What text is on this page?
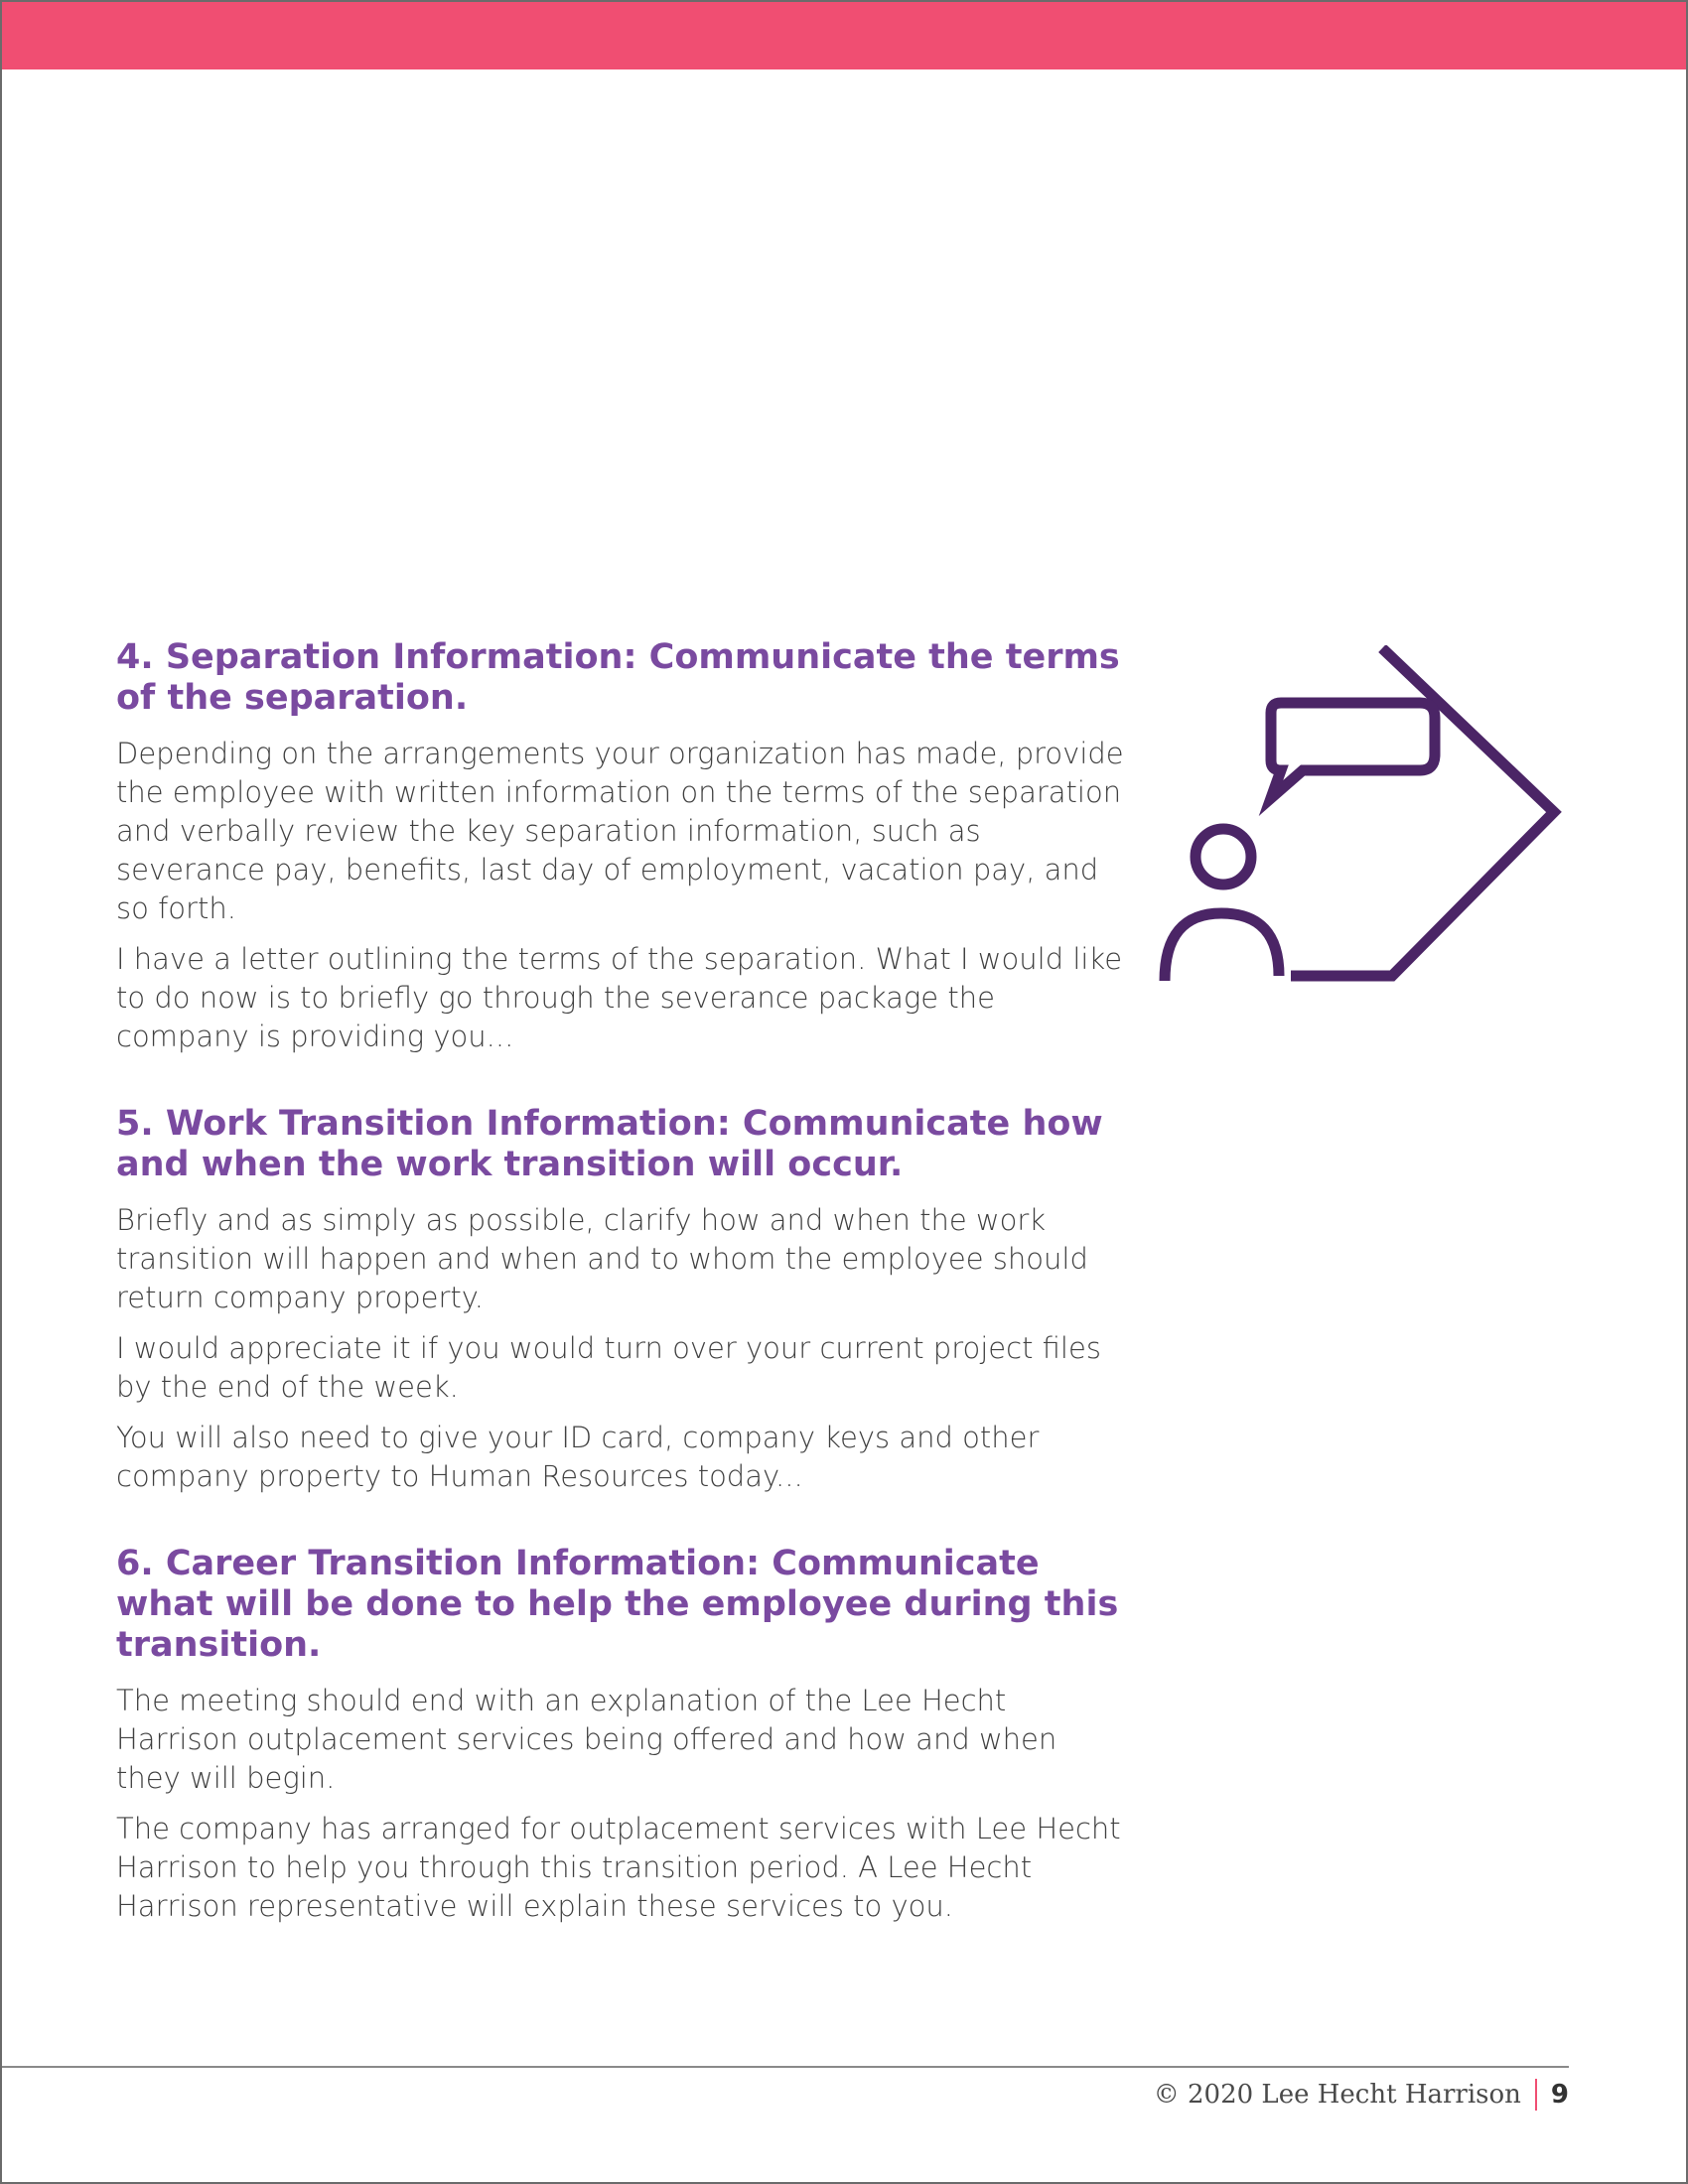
4. Separation Information: Communicate the terms of the separation.

Depending on the arrangements your organization has made, provide the employee with written information on the terms of the separation and verbally review the key separation information, such as severance pay, benefits, last day of employment, vacation pay, and so forth.

I have a letter outlining the terms of the separation. What I would like to do now is to briefly go through the severance package the company is providing you...

5. Work Transition Information: Communicate how and when the work transition will occur.

Briefly and as simply as possible, clarify how and when the work transition will happen and when and to whom the employee should return company property.

I would appreciate it if you would turn over your current project files by the end of the week.

You will also need to give your ID card, company keys and other company property to Human Resources today...

6. Career Transition Information: Communicate what will be done to help the employee during this transition.

The meeting should end with an explanation of the Lee Hecht Harrison outplacement services being offered and how and when they will begin.

The company has arranged for outplacement services with Lee Hecht Harrison to help you through this transition period. A Lee Hecht Harrison representative will explain these services to you.

© 2020 Lee Hecht Harrison 9
